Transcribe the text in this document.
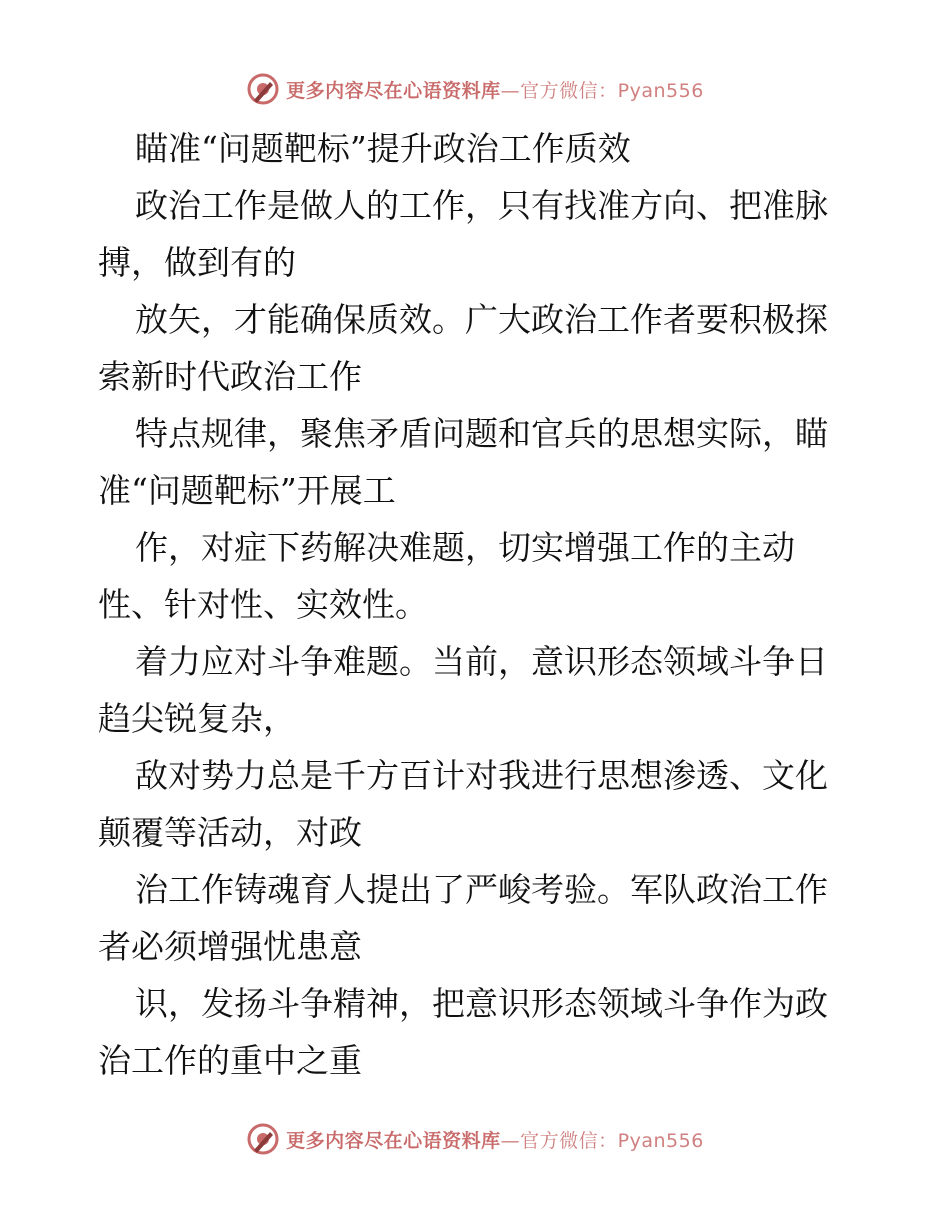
更多内容尽在心语资料库—官方微信：Pyan556

瞄准“问题靶标”提升政治工作质效

政治工作是做人的工作，只有找准方向、把准脉

搏，做到有的

放矢，才能确保质效。广大政治工作者要积极探

索新时代政治工作

特点规律，聚焦矛盾问题和官兵的思想实际，瞄

准“问题靶标”开展工

作，对症下药解决难题，切实增强工作的主动

性、针对性、实效性。

着力应对斗争难题。当前，意识形态领域斗争日

趋尖锐复杂，

敌对势力总是千方百计对我进行思想渗透、文化

颠覆等活动，对政

治工作铸魂育人提出了严峻考验。军队政治工作

者必须增强忧患意

识，发扬斗争精神，把意识形态领域斗争作为政

治工作的重中之重

更多内容尽在心语资料库—官方微信：Pyan556
